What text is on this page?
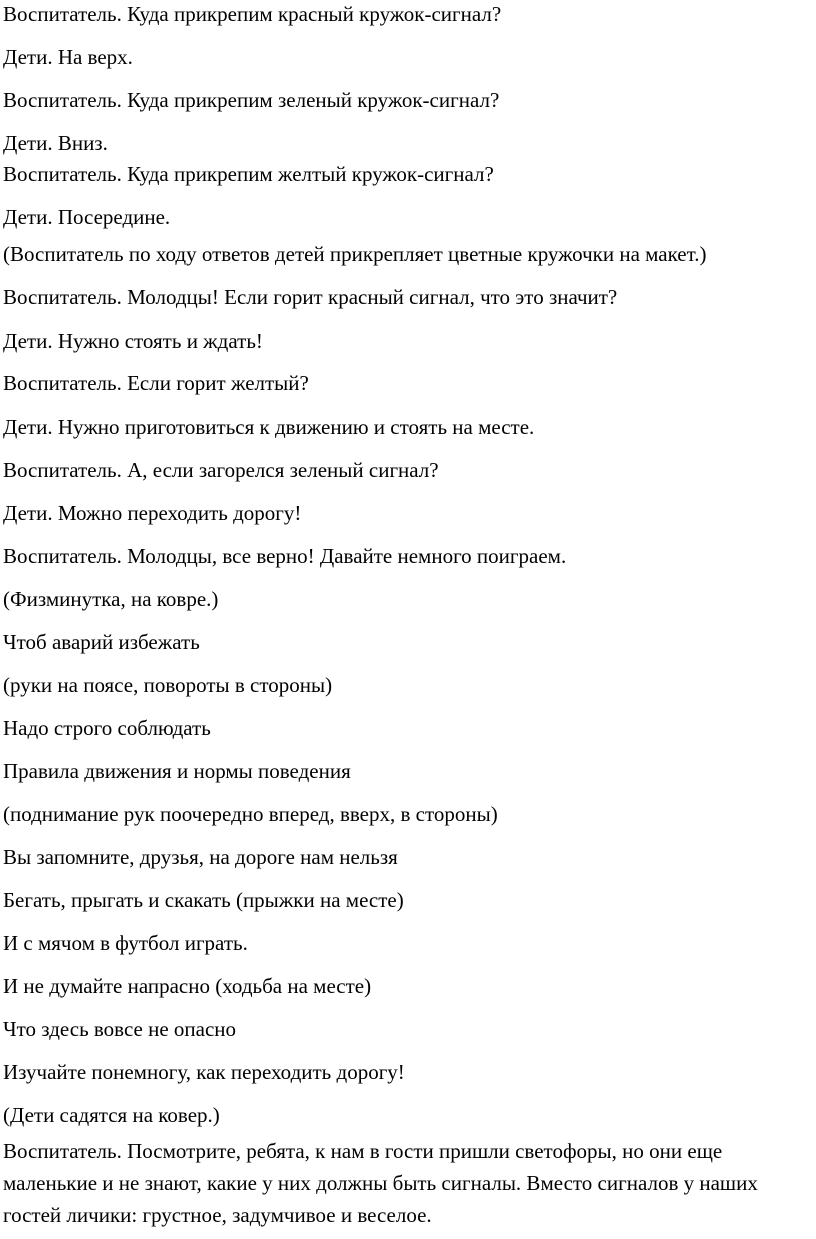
Воспитатель. Куда прикрепим красный кружок-сигнал?
Дети. На верх.
Воспитатель. Куда прикрепим зеленый кружок-сигнал?
Дети. Вниз.
Воспитатель. Куда прикрепим желтый кружок-сигнал?
Дети. Посередине.
(Воспитатель по ходу ответов детей прикрепляет цветные кружочки на макет.)
Воспитатель. Молодцы! Если горит красный сигнал, что это значит?
Дети. Нужно стоять и ждать!
Воспитатель. Если горит желтый?
Дети. Нужно приготовиться к движению и стоять на месте.
Воспитатель. А, если загорелся зеленый сигнал?
Дети. Можно переходить дорогу!
Воспитатель. Молодцы, все верно! Давайте немного поиграем.
(Физминутка, на ковре.)
Чтоб аварий избежать
(руки на поясе, повороты в стороны)
Надо строго соблюдать
Правила движения и нормы поведения
(поднимание рук поочередно вперед, вверх, в стороны)
Вы запомните, друзья, на дороге нам нельзя
Бегать, прыгать и скакать (прыжки на месте)
И с мячом в футбол играть.
И не думайте напрасно (ходьба на месте)
Что здесь вовсе не опасно
Изучайте понемногу, как переходить дорогу!
(Дети садятся на ковер.)
Воспитатель. Посмотрите, ребята, к нам в гости пришли светофоры, но они еще маленькие и не знают, какие у них должны быть сигналы. Вместо сигналов у наших гостей личики: грустное, задумчивое и веселое.
